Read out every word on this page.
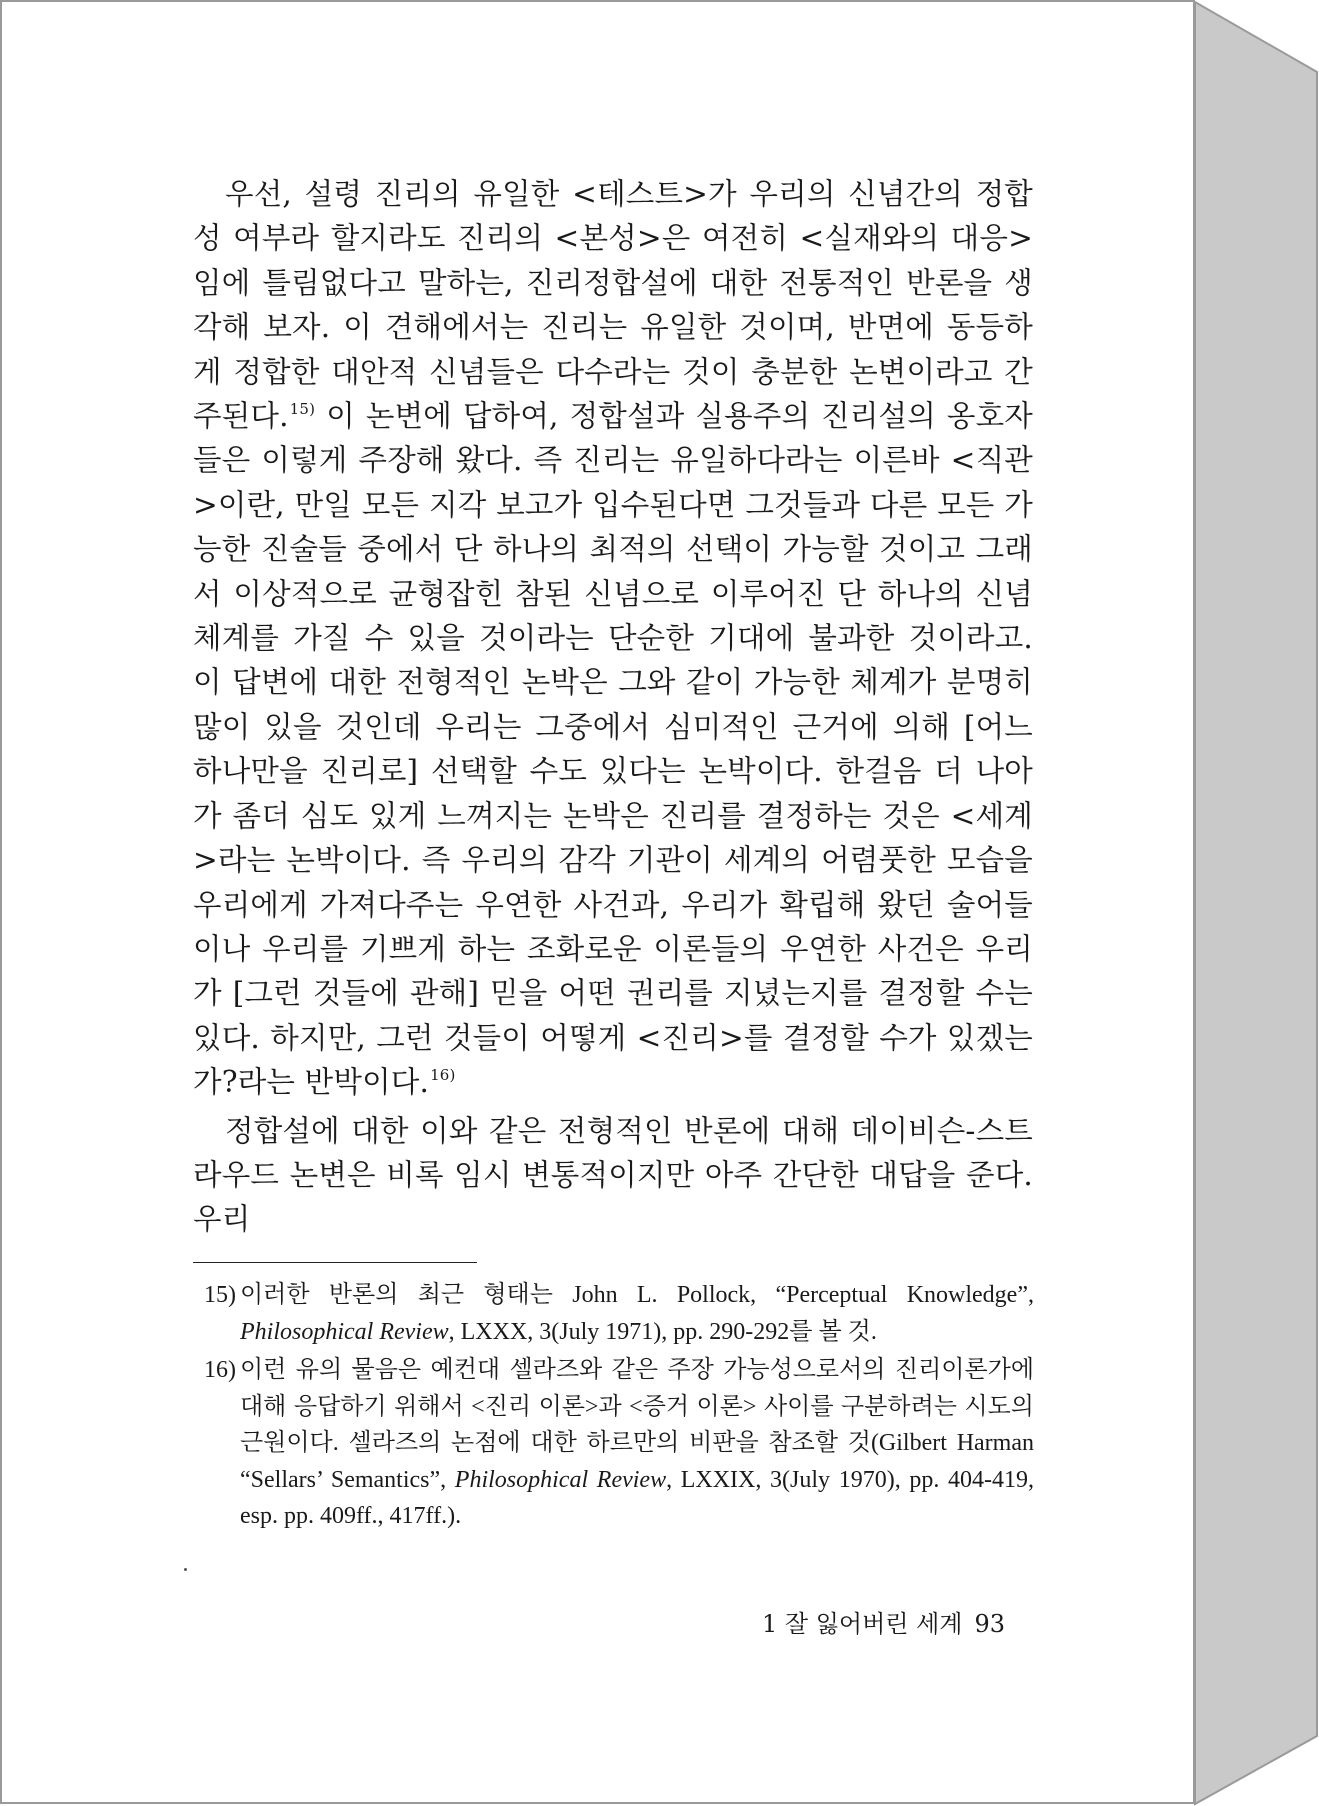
우선, 설령 진리의 유일한 <테스트>가 우리의 신념간의 정합성 여부라 할지라도 진리의 <본성>은 여전히 <실재와의 대응>임에 틀림없다고 말하는, 진리정합설에 대한 전통적인 반론을 생각해 보자. 이 견해에서는 진리는 유일한 것이며, 반면에 동등하게 정합한 대안적 신념들은 다수라는 것이 충분한 논변이라고 간주된다.$^{15)}$ 이 논변에 답하여, 정합설과 실용주의 진리설의 옹호자들은 이렇게 주장해 왔다. 즉 진리는 유일하다라는 이른바 <직관>이란, 만일 모든 지각 보고가 입수된다면 그것들과 다른 모든 가능한 진술들 중에서 단 하나의 최적의 선택이 가능할 것이고 그래서 이상적으로 균형잡힌 참된 신념으로 이루어진 단 하나의 신념 체계를 가질 수 있을 것이라는 단순한 기대에 불과한 것이라고. 이 답변에 대한 전형적인 논박은 그와 같이 가능한 체계가 분명히 많이 있을 것인데 우리는 그중에서 심미적인 근거에 의해 [어느 하나만을 진리로] 선택할 수도 있다는 논박이다. 한걸음 더 나아가 좀더 심도 있게 느껴지는 논박은 진리를 결정하는 것은 <세계>라는 논박이다. 즉 우리의 감각 기관이 세계의 어렴풋한 모습을 우리에게 가져다주는 우연한 사건과, 우리가 확립해 왔던 술어들이나 우리를 기쁘게 하는 조화로운 이론들의 우연한 사건은 우리가 [그런 것들에 관해] 믿을 어떤 권리를 지녔는지를 결정할 수는 있다. 하지만, 그런 것들이 어떻게 <진리>를 결정할 수가 있겠는가?라는 반박이다.$^{16)}$

정합설에 대한 이와 같은 전형적인 반론에 대해 데이비슨-스트라우드 논변은 비록 임시 변통적이지만 아주 간단한 대답을 준다. 우리

15) 이러한 반론의 최근 형태는 John L. Pollock, “Perceptual Knowledge”, Philosophical Review, LXXX, 3(July 1971), pp. 290-292를 볼 것.
16) 이런 유의 물음은 예컨대 셀라즈와 같은 주장 가능성으로서의 진리이론가에 대해 응답하기 위해서 <진리 이론>과 <증거 이론> 사이를 구분하려는 시도의 근원이다. 셀라즈의 논점에 대한 하르만의 비판을 참조할 것(Gilbert Harman “Sellars’ Semantics”, Philosophical Review, LXXIX, 3(July 1970), pp. 404-419, esp. pp. 409ff., 417ff.).
1 잘 잃어버린 세계 93
